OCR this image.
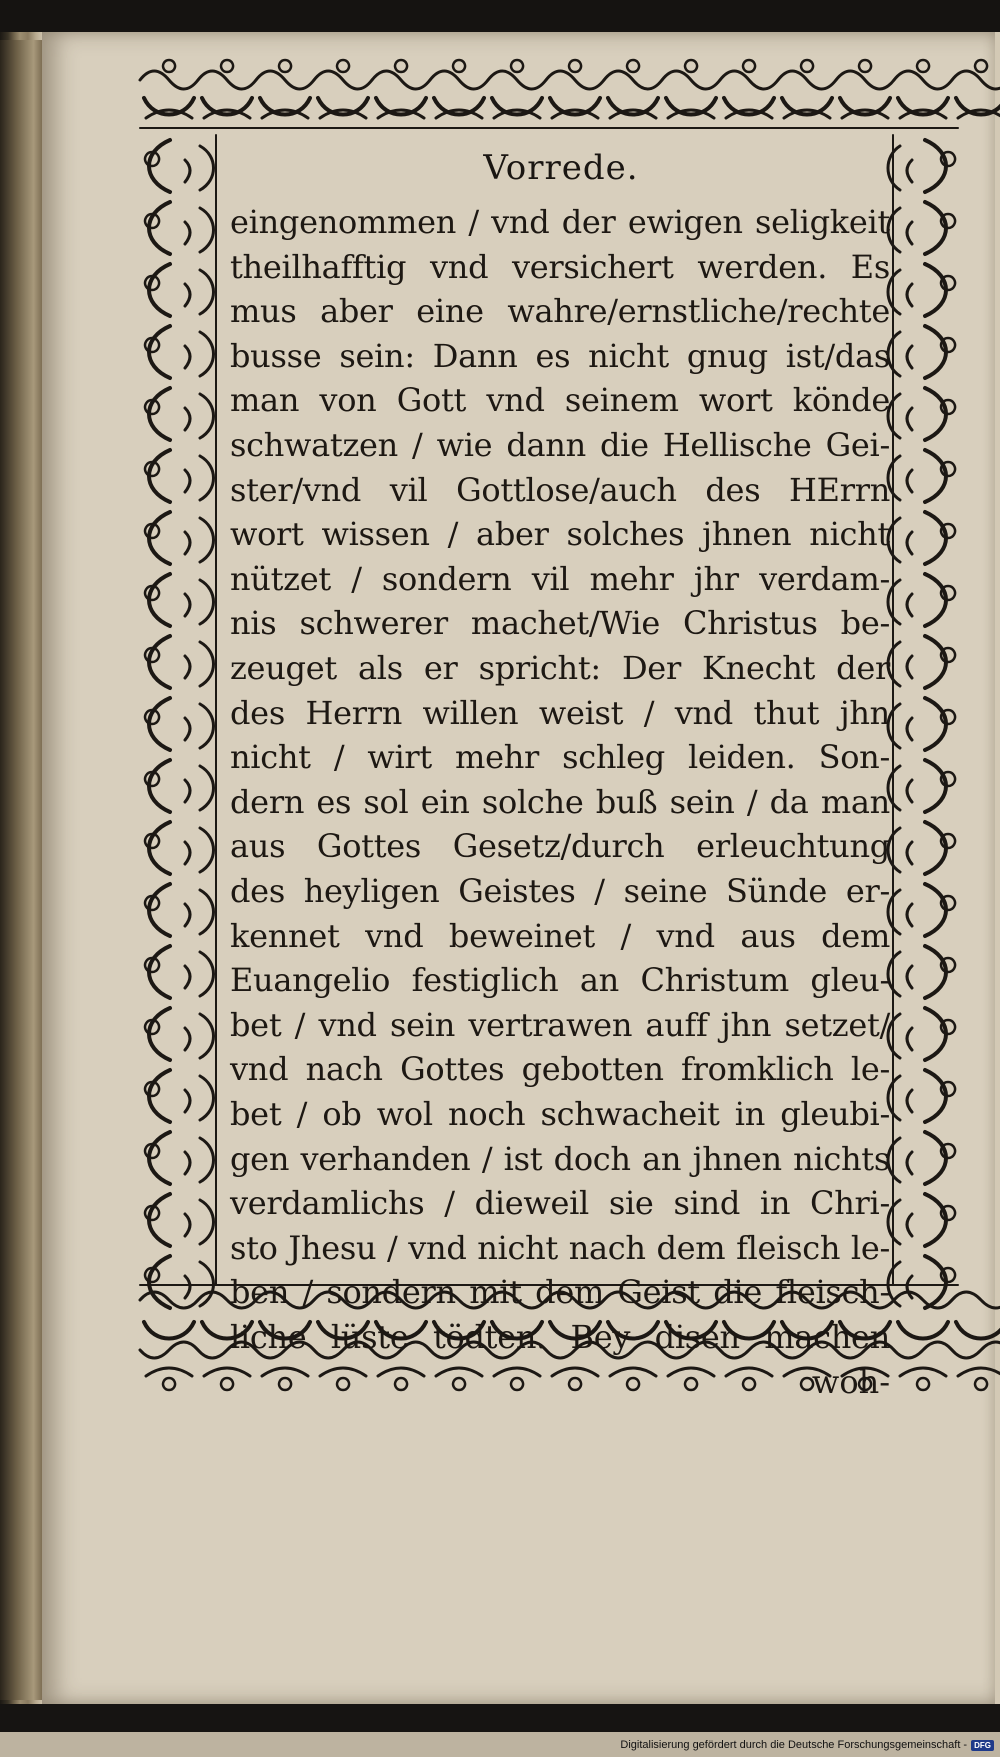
Vorrede.
eingenommen / vnd der ewigen seligkeit
theilhafftig vnd versichert werden. Es
mus aber eine wahre/ernstliche/rechte
busse sein: Dann es nicht gnug ist/das
man von Gott vnd seinem wort könde
schwatzen / wie dann die Hellische Gei-
ster/vnd vil Gottlose/auch des HErrn
wort wissen / aber solches jhnen nicht
nützet / sondern vil mehr jhr verdam-
nis schwerer machet/Wie Christus be-
zeuget als er spricht: Der Knecht der
des Herrn willen weist / vnd thut jhn
nicht / wirt mehr schleg leiden. Son-
dern es sol ein solche buß sein / da man
aus Gottes Gesetz/durch erleuchtung
des heyligen Geistes / seine Sünde er-
kennet vnd beweinet / vnd aus dem
Euangelio festiglich an Christum gleu-
bet / vnd sein vertrawen auff jhn setzet/
vnd nach Gottes gebotten fromklich le-
bet / ob wol noch schwacheit in gleubi-
gen verhanden / ist doch an jhnen nichts
verdamlichs / dieweil sie sind in Chri-
sto Jhesu / vnd nicht nach dem fleisch le-
ben / sondern mit dem Geist die fleisch-
liche lüste tödten. Bey disen machen
woh-
Digitalisierung gefördert durch die Deutsche Forschungsgemeinschaft - DFG
